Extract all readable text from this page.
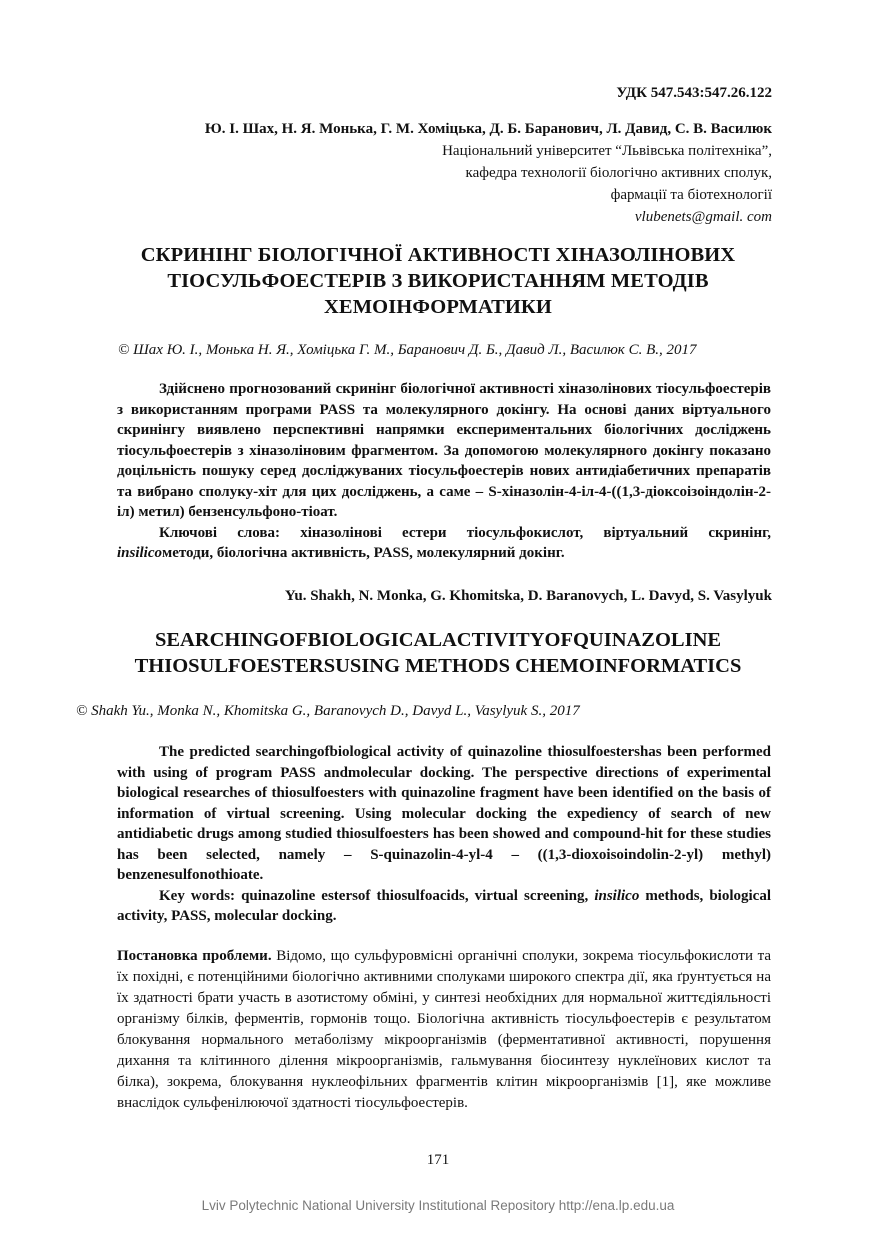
УДК 547.543:547.26.122
Ю. І. Шах, Н. Я. Монька, Г. М. Хоміцька, Д. Б. Баранович, Л. Давид, С. В. Василюк
Національний університет “Львівська політехніка”,
кафедра технології біологічно активних сполук,
фармації та біотехнології
vlubenets@gmail. com
СКРИНІНГ БІОЛОГІЧНОЇ АКТИВНОСТІ ХІНАЗОЛІНОВИХ
ТІОСУЛЬФОЕСТЕРІВ З ВИКОРИСТАННЯМ МЕТОДІВ
ХЕМОІНФОРМАТИКИ
© Шах Ю. І., Монька Н. Я., Хоміцька Г. М., Баранович Д. Б., Давид Л., Василюк С. В., 2017

Здійснено прогнозований скринінг біологічної активності хіназолінових тіосульфоестерів з використанням програми PASS та молекулярного докінгу. На основі даних віртуального скринінгу виявлено перспективні напрямки експериментальних біологічних досліджень тіосульфоестерів з хіназоліновим фрагментом. За допомогою молекулярного докінгу показано доцільність пошуку серед досліджуваних тіосульфоестерів нових антидіабетичних препаратів та вибрано сполуку-хіт для цих досліджень, а саме – S-хіназолін-4-іл-4-((1,3-діоксоізоіндолін-2-іл) метил) бензенсульфоно-тіоат.

Ключові слова: хіназолінові естери тіосульфокислот, віртуальний скринінг, insilicoметоди, біологічна активність, PASS, молекулярний докінг.

Yu. Shakh, N. Monka, G. Khomitska, D. Baranovych, L. Davyd, S. Vasylyuk
SEARCHINGOFBIOLOGICALACTIVITYOFQUINAZOLINE
THIOSULFOESTERSUSING METHODS CHEMOINFORMATICS
© Shakh Yu., Monka N., Khomitska G., Baranovych D., Davyd L., Vasylyuk S., 2017

The predicted searchingofbiological activity of quinazoline thiosulfoestershas been performed with using of program PASS andmolecular docking. The perspective directions of experimental biological researches of thiosulfoesters with quinazoline fragment have been identified on the basis of information of virtual screening. Using molecular docking the expediency of search of new antidiabetic drugs among studied thiosulfoesters has been showed and compound-hit for these studies has been selected, namely – S-quinazolin-4-yl-4 – ((1,3-dioxoisoindolin-2-yl) methyl) benzenesulfonothioate.

Key words: quinazoline estersof thiosulfoacids, virtual screening, insilico methods, biological activity, PASS, molecular docking.

Постановка проблеми. Відомо, що сульфуровмісні органічні сполуки, зокрема тіосульфокислоти та їх похідні, є потенційними біологічно активними сполуками широкого спектра дії, яка ґрунтується на їх здатності брати участь в азотистому обміні, у синтезі необхідних для нормальної життєдіяльності організму білків, ферментів, гормонів тощо. Біологічна активність тіосульфоестерів є результатом блокування нормального метаболізму мікроорганізмів (ферментативної активності, порушення дихання та клітинного ділення мікроорганізмів, гальмування біосинтезу нуклеїнових кислот та білка), зокрема, блокування нуклеофільних фрагментів клітин мікроорганізмів [1], яке можливе внаслідок сульфенілюючої здатності тіосульфоестерів.

171
Lviv Polytechnic National University Institutional Repository http://ena.lp.edu.ua
